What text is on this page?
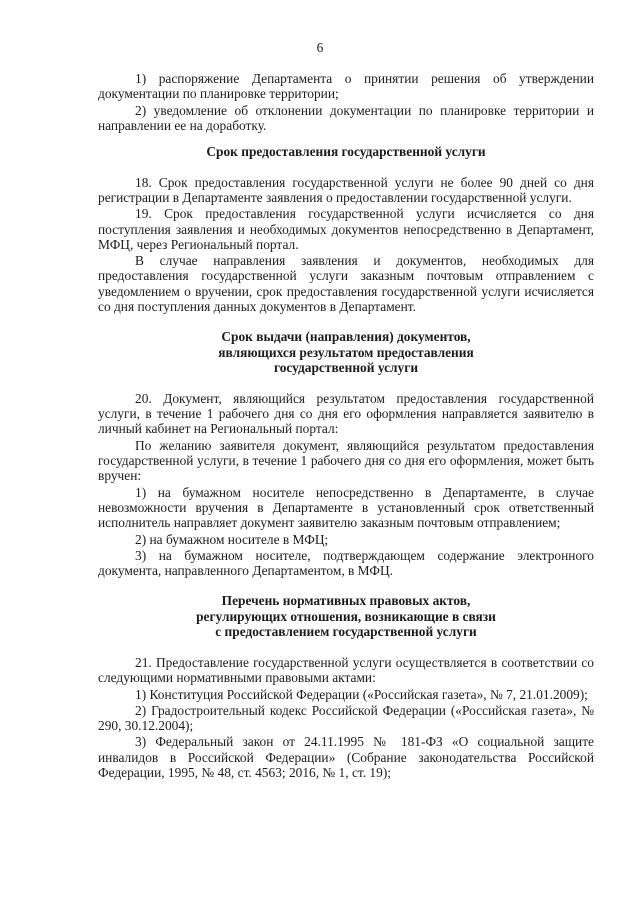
6

1) распоряжение Департамента о принятии решения об утверждении документации по планировке территории;

2) уведомление об отклонении документации по планировке территории и направлении ее на доработку.

Срок предоставления государственной услуги

18. Срок предоставления государственной услуги не более 90 дней со дня регистрации в Департаменте заявления о предоставлении государственной услуги.

19. Срок предоставления государственной услуги исчисляется со дня поступления заявления и необходимых документов непосредственно в Департамент, МФЦ, через Региональный портал.

В случае направления заявления и документов, необходимых для предоставления государственной услуги заказным почтовым отправлением с уведомлением о вручении, срок предоставления государственной услуги исчисляется со дня поступления данных документов в Департамент.

Срок выдачи (направления) документов,
являющихся результатом предоставления
государственной услуги

20. Документ, являющийся результатом предоставления государственной услуги, в течение 1 рабочего дня со дня его оформления направляется заявителю в личный кабинет на Региональный портал:

По желанию заявителя документ, являющийся результатом предоставления государственной услуги, в течение 1 рабочего дня со дня его оформления, может быть вручен:

1) на бумажном носителе непосредственно в Департаменте, в случае невозможности вручения в Департаменте в установленный срок ответственный исполнитель направляет документ заявителю заказным почтовым отправлением;

2) на бумажном носителе в МФЦ;

3) на бумажном носителе, подтверждающем содержание электронного документа, направленного Департаментом, в МФЦ.

Перечень нормативных правовых актов,
регулирующих отношения, возникающие в связи
с предоставлением государственной услуги

21. Предоставление государственной услуги осуществляется в соответствии со следующими нормативными правовыми актами:

1) Конституция Российской Федерации («Российская газета», № 7, 21.01.2009);

2) Градостроительный кодекс Российской Федерации («Российская газета», № 290, 30.12.2004);

3) Федеральный закон от 24.11.1995 № 181-ФЗ «О социальной защите инвалидов в Российской Федерации» (Собрание законодательства Российской Федерации, 1995, № 48, ст. 4563; 2016, № 1, ст. 19);
